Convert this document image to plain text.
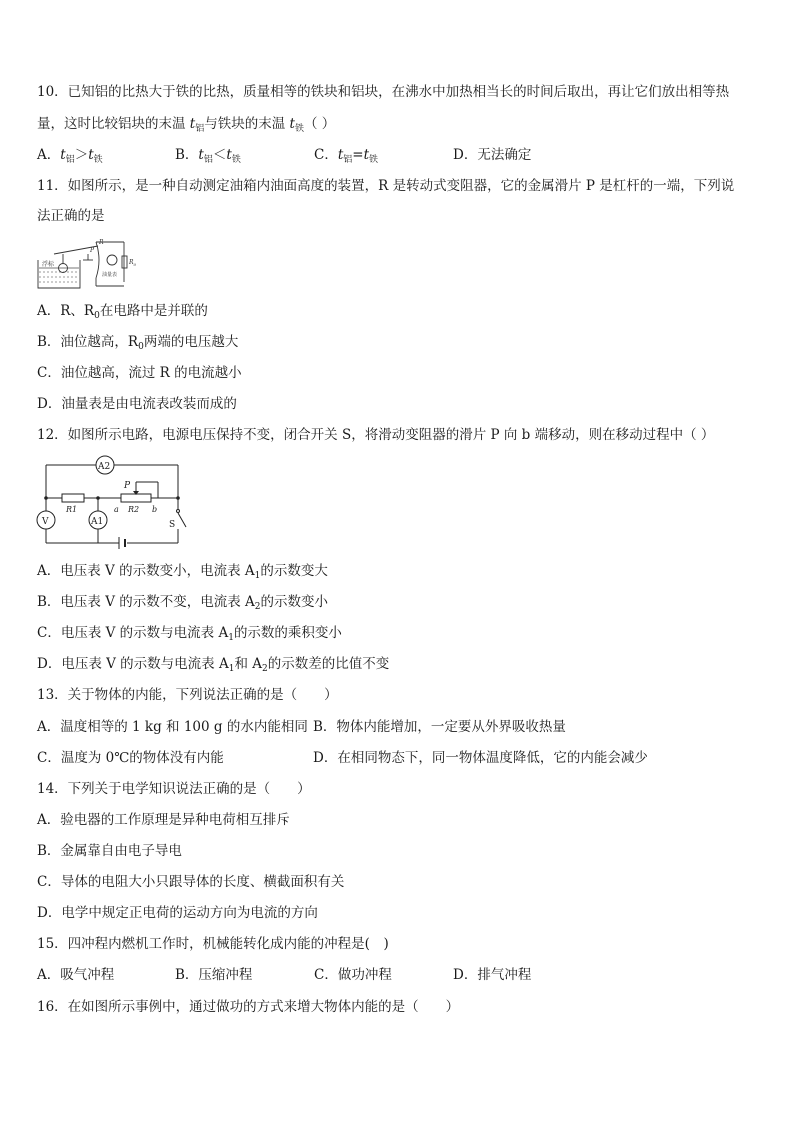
10．已知铝的比热大于铁的比热，质量相等的铁块和铝块，在沸水中加热相当长的时间后取出，再让它们放出相等热
量，这时比较铝块的末温 $t_铝$与铁块的末温 $t_铁$（ ）
A．$t_铝>t_铁$	B．$t_铝<t_铁$	C．$t_铝=t_铁$	D．无法确定
11．如图所示，是一种自动测定油箱内油面高度的装置，R 是转动式变阻器，它的金属滑片 P 是杠杆的一端，下列说
法正确的是
浮标
R
P
油量表
$R_0$
A．R、$R_0$在电路中是并联的
B．油位越高，$R_0$两端的电压越大
C．油位越高，流过 R 的电流越小
D．油量表是由电流表改装而成的
12．如图所示电路，电源电压保持不变，闭合开关 S，将滑动变阻器的滑片 P 向 b 端移动，则在移动过程中（ ）
A2
V	A1
R1	R2
P
a	b
S
A．电压表 V 的示数变小，电流表 $A_1$的示数变大
B．电压表 V 的示数不变，电流表 $A_2$的示数变小
C．电压表 V 的示数与电流表 $A_1$的示数的乘积变小
D．电压表 V 的示数与电流表 $A_1$和 $A_2$的示数差的比值不变
13．关于物体的内能，下列说法正确的是（　　）
A．温度相等的 1 kg 和 100 g 的水内能相同 B．物体内能增加，一定要从外界吸收热量
C．温度为 0℃的物体没有内能	D．在相同物态下，同一物体温度降低，它的内能会减少
14．下列关于电学知识说法正确的是（　　）
A．验电器的工作原理是异种电荷相互排斥
B．金属靠自由电子导电
C．导体的电阻大小只跟导体的长度、横截面积有关
D．电学中规定正电荷的运动方向为电流的方向
15．四冲程内燃机工作时，机械能转化成内能的冲程是(　)
A．吸气冲程	B．压缩冲程	C．做功冲程	D．排气冲程
16．在如图所示事例中，通过做功的方式来增大物体内能的是（　　）
